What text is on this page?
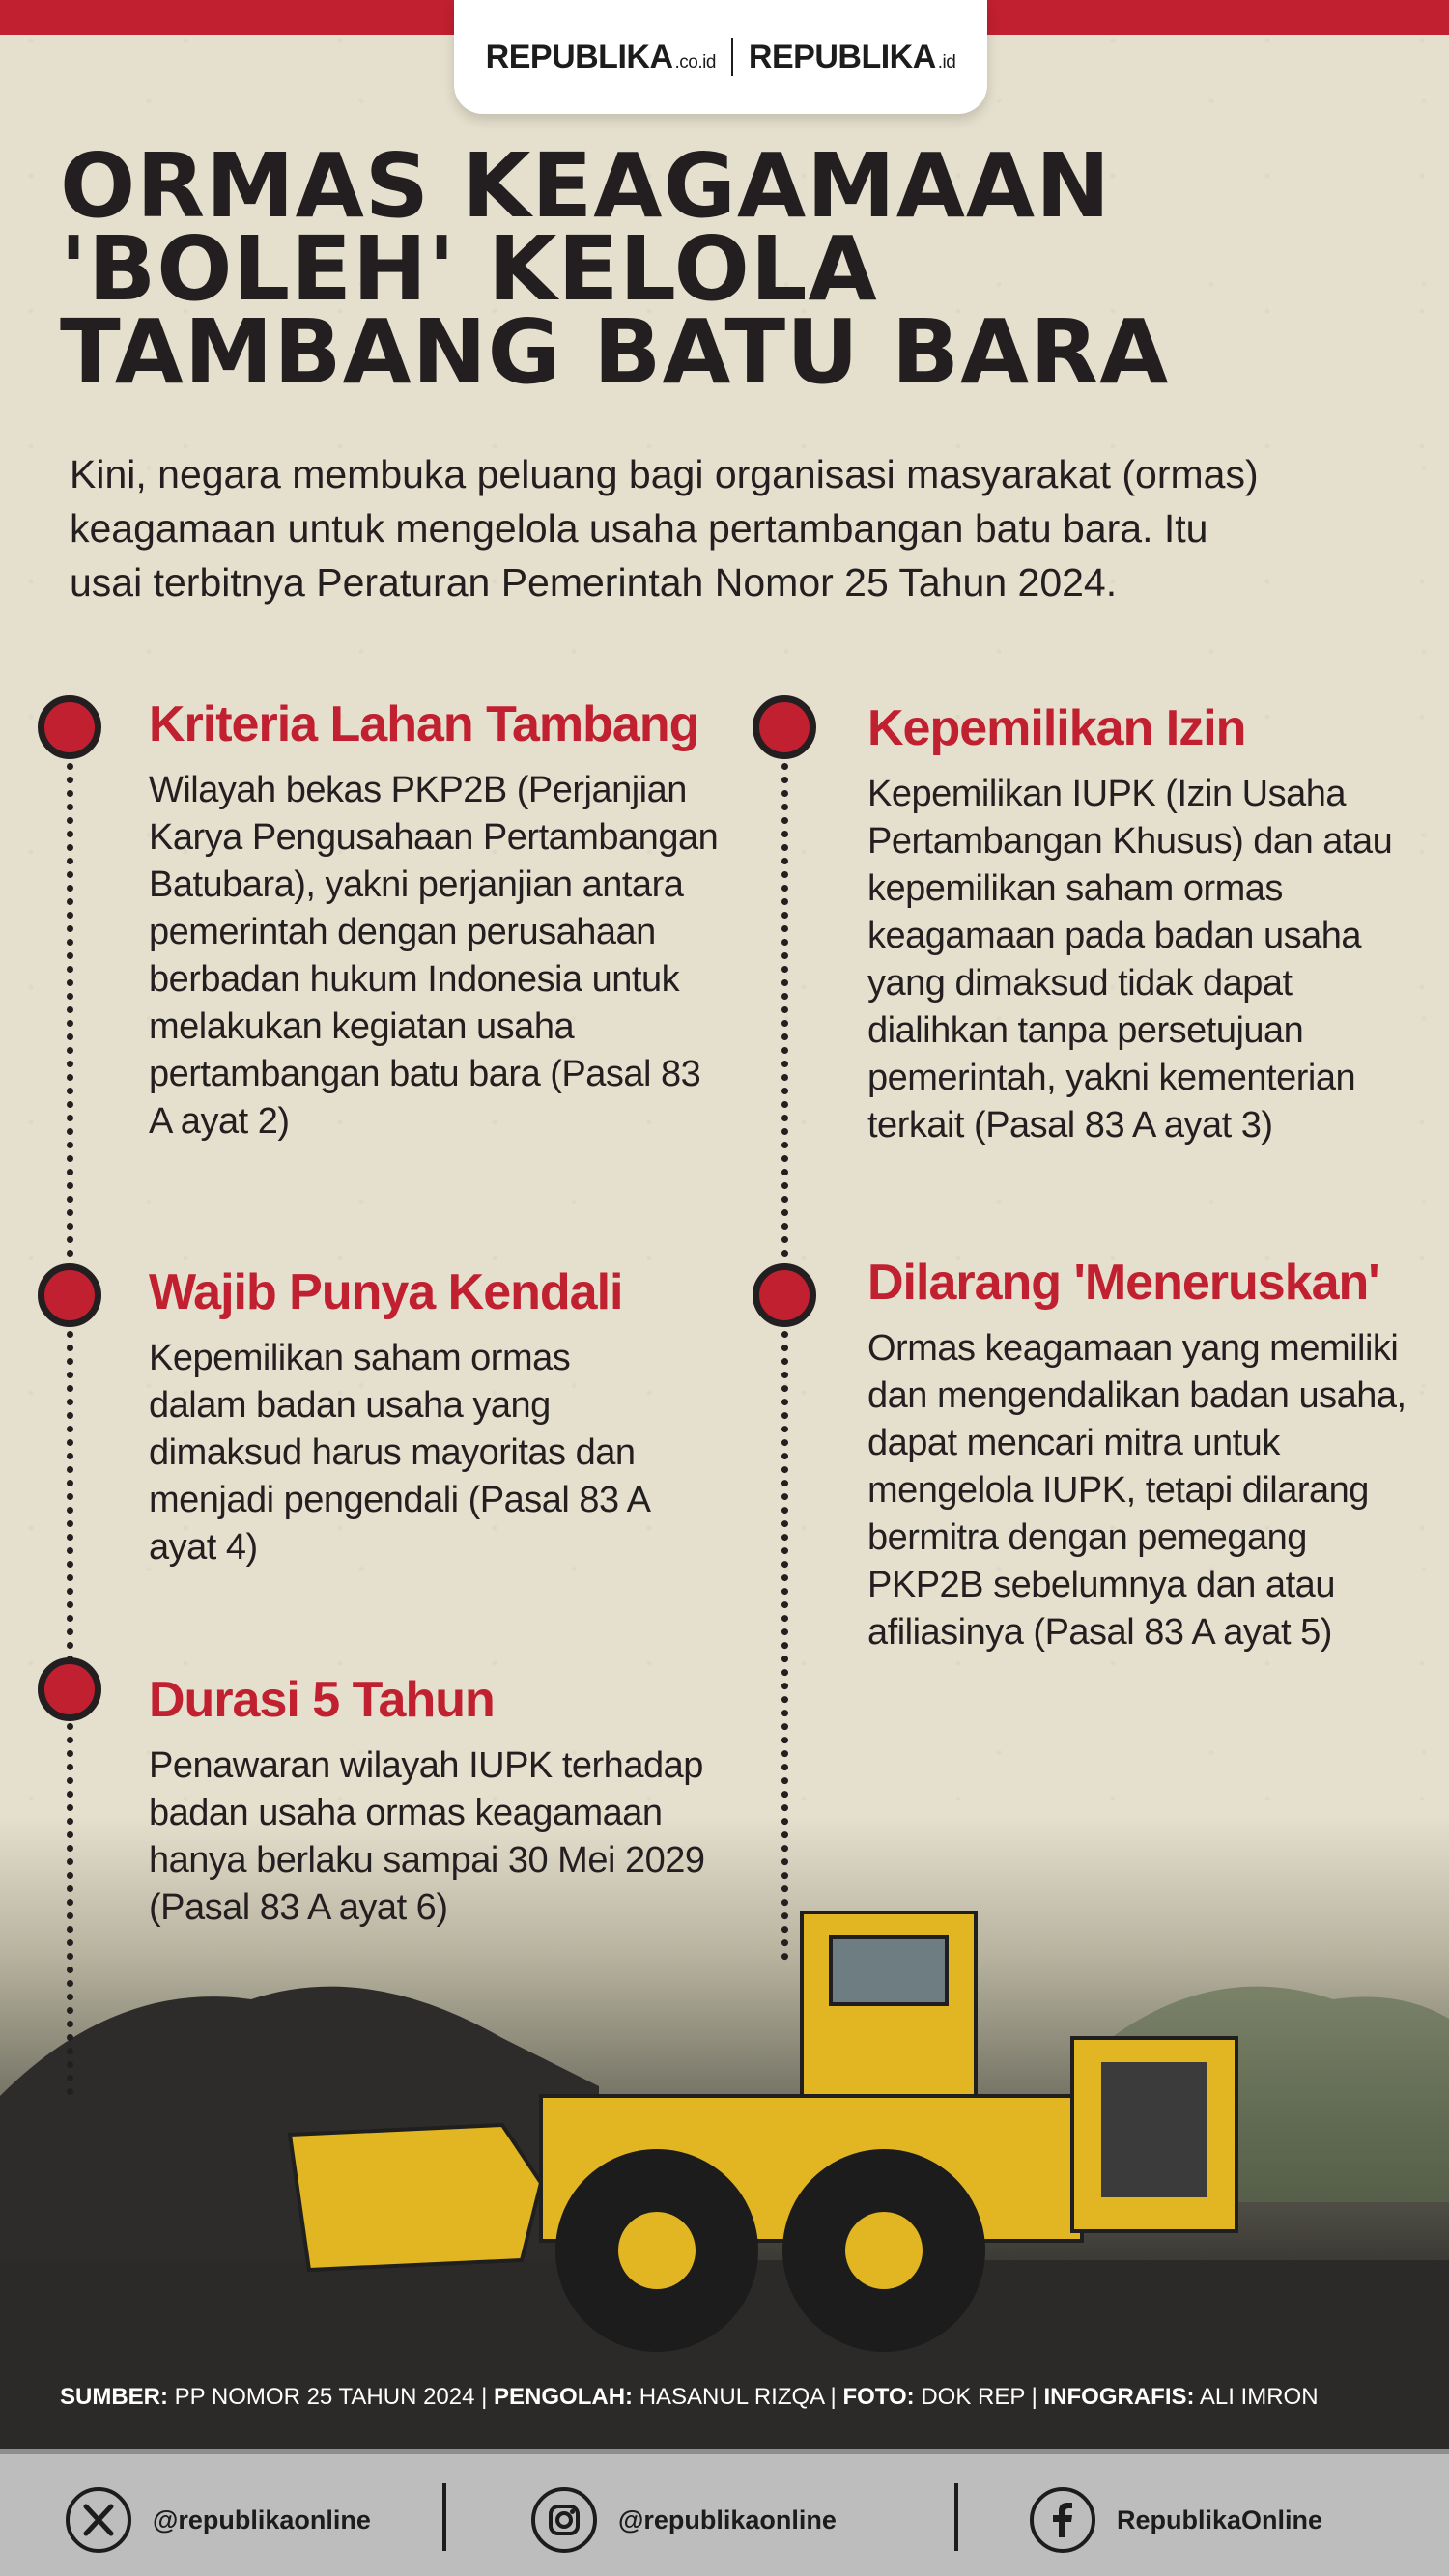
REPUBLIKA .co.id REPUBLIKA .id
ORMAS KEAGAMAAN
'BOLEH' KELOLA
TAMBANG BATU BARA

Kini, negara membuka peluang bagi organisasi masyarakat (ormas) keagamaan untuk mengelola usaha pertambangan batu bara. Itu usai terbitnya Peraturan Pemerintah Nomor 25 Tahun 2024.

Kriteria Lahan Tambang

Wilayah bekas PKP2B (Perjanjian Karya Pengusahaan Pertambangan Batubara), yakni perjanjian antara pemerintah dengan perusahaan berbadan hukum Indonesia untuk melakukan kegiatan usaha pertambangan batu bara (Pasal 83 A ayat 2)

Wajib Punya Kendali

Kepemilikan saham ormas dalam badan usaha yang dimaksud harus mayoritas dan menjadi pengendali (Pasal 83 A ayat 4)

Durasi 5 Tahun

Penawaran wilayah IUPK terhadap badan usaha ormas keagamaan hanya berlaku sampai 30 Mei 2029 (Pasal 83 A ayat 6)

Kepemilikan Izin

Kepemilikan IUPK (Izin Usaha Pertambangan Khusus) dan atau kepemilikan saham ormas keagamaan pada badan usaha yang dimaksud tidak dapat dialihkan tanpa persetujuan pemerintah, yakni kementerian terkait (Pasal 83 A ayat 3)

Dilarang 'Meneruskan'

Ormas keagamaan yang memiliki dan mengendalikan badan usaha, dapat mencari mitra untuk mengelola IUPK, tetapi dilarang bermitra dengan pemegang PKP2B sebelumnya dan atau afiliasinya (Pasal 83 A ayat 5)

SUMBER: PP NOMOR 25 TAHUN 2024 | PENGOLAH: HASANUL RIZQA | FOTO: DOK REP | INFOGRAFIS: ALI IMRON
@republikaonline	@republikaonline	RepublikaOnline
